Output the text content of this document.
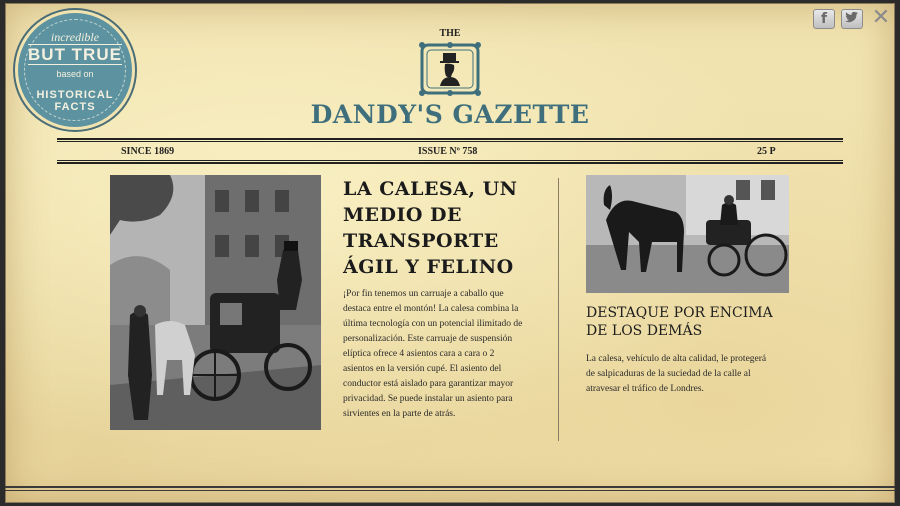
f ✕
incredible
BUT TRUE
based on
HISTORICAL
FACTS
THE
DANDY'S GAZETTE
SINCE 1869	ISSUE Nº 758	25 P
LA CALESA, UN
MEDIO DE
TRANSPORTE
ÁGIL Y FELINO
¡Por fin tenemos un carruaje a caballo que
destaca entre el montón! La calesa combina la
última tecnología con un potencial ilimitado de
personalización. Este carruaje de suspensión
elíptica ofrece 4 asientos cara a cara o 2
asientos en la versión cupé. El asiento del
conductor está aislado para garantizar mayor
privacidad. Se puede instalar un asiento para
sirvientes en la parte de atrás.
DESTAQUE POR ENCIMA
DE LOS DEMÁS
La calesa, vehículo de alta calidad, le protegerá
de salpicaduras de la suciedad de la calle al
atravesar el tráfico de Londres.
